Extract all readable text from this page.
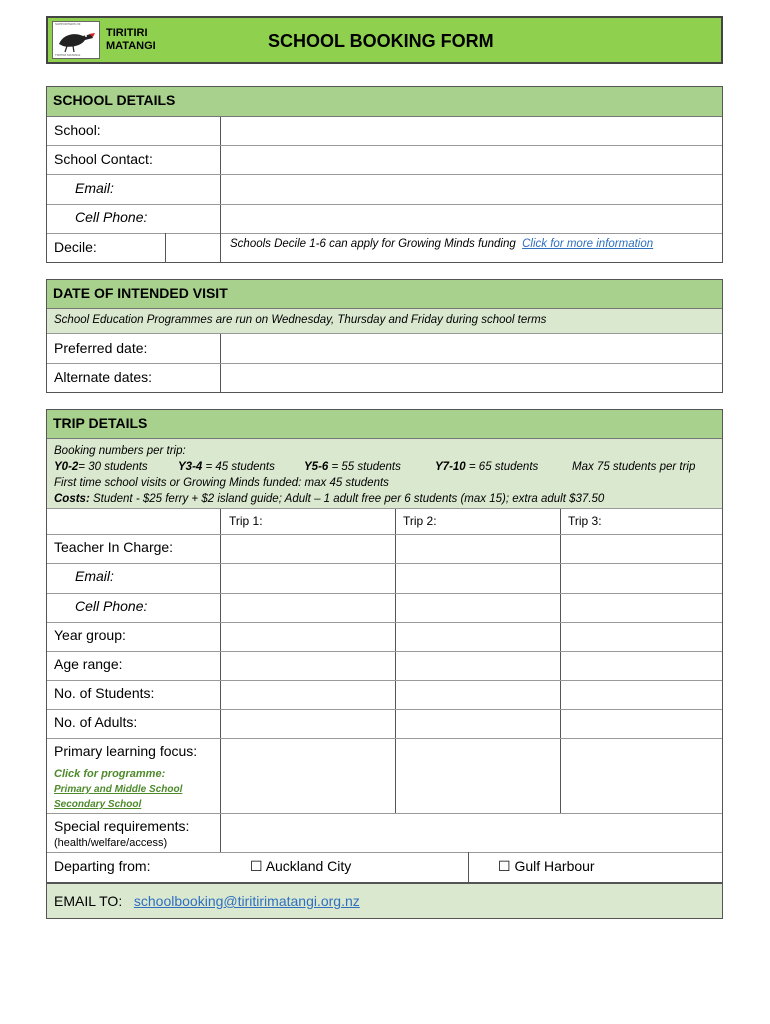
SUPPORTERS OF
TIRITIRI MATANGI
TIRITIRI
MATANGI	SCHOOL BOOKING FORM
SCHOOL DETAILS
School:
School Contact:
Email:
Cell Phone:
Decile:	Schools Decile 1-6 can apply for Growing Minds funding Click for more information
DATE OF INTENDED VISIT
School Education Programmes are run on Wednesday, Thursday and Friday during school terms
Preferred date:
Alternate dates:
TRIP DETAILS
Booking numbers per trip:
Y0-2= 30 students	Y3-4 = 45 students	Y5-6 = 55 students	Y7-10 = 65 students	Max 75 students per trip
First time school visits or Growing Minds funded: max 45 students
Costs: Student - $25 ferry + $2 island guide; Adult – 1 adult free per 6 students (max 15); extra adult $37.50
Trip 1:	Trip 2:	Trip 3:
Teacher In Charge:
Email:
Cell Phone:
Year group:
Age range:
No. of Students:
No. of Adults:
Primary learning focus:
Click for programme:
Primary and Middle School
Secondary School
Special requirements:
(health/welfare/access)
Departing from:	☐ Auckland City	☐ Gulf Harbour
EMAIL TO: schoolbooking@tiritirimatangi.org.nz
